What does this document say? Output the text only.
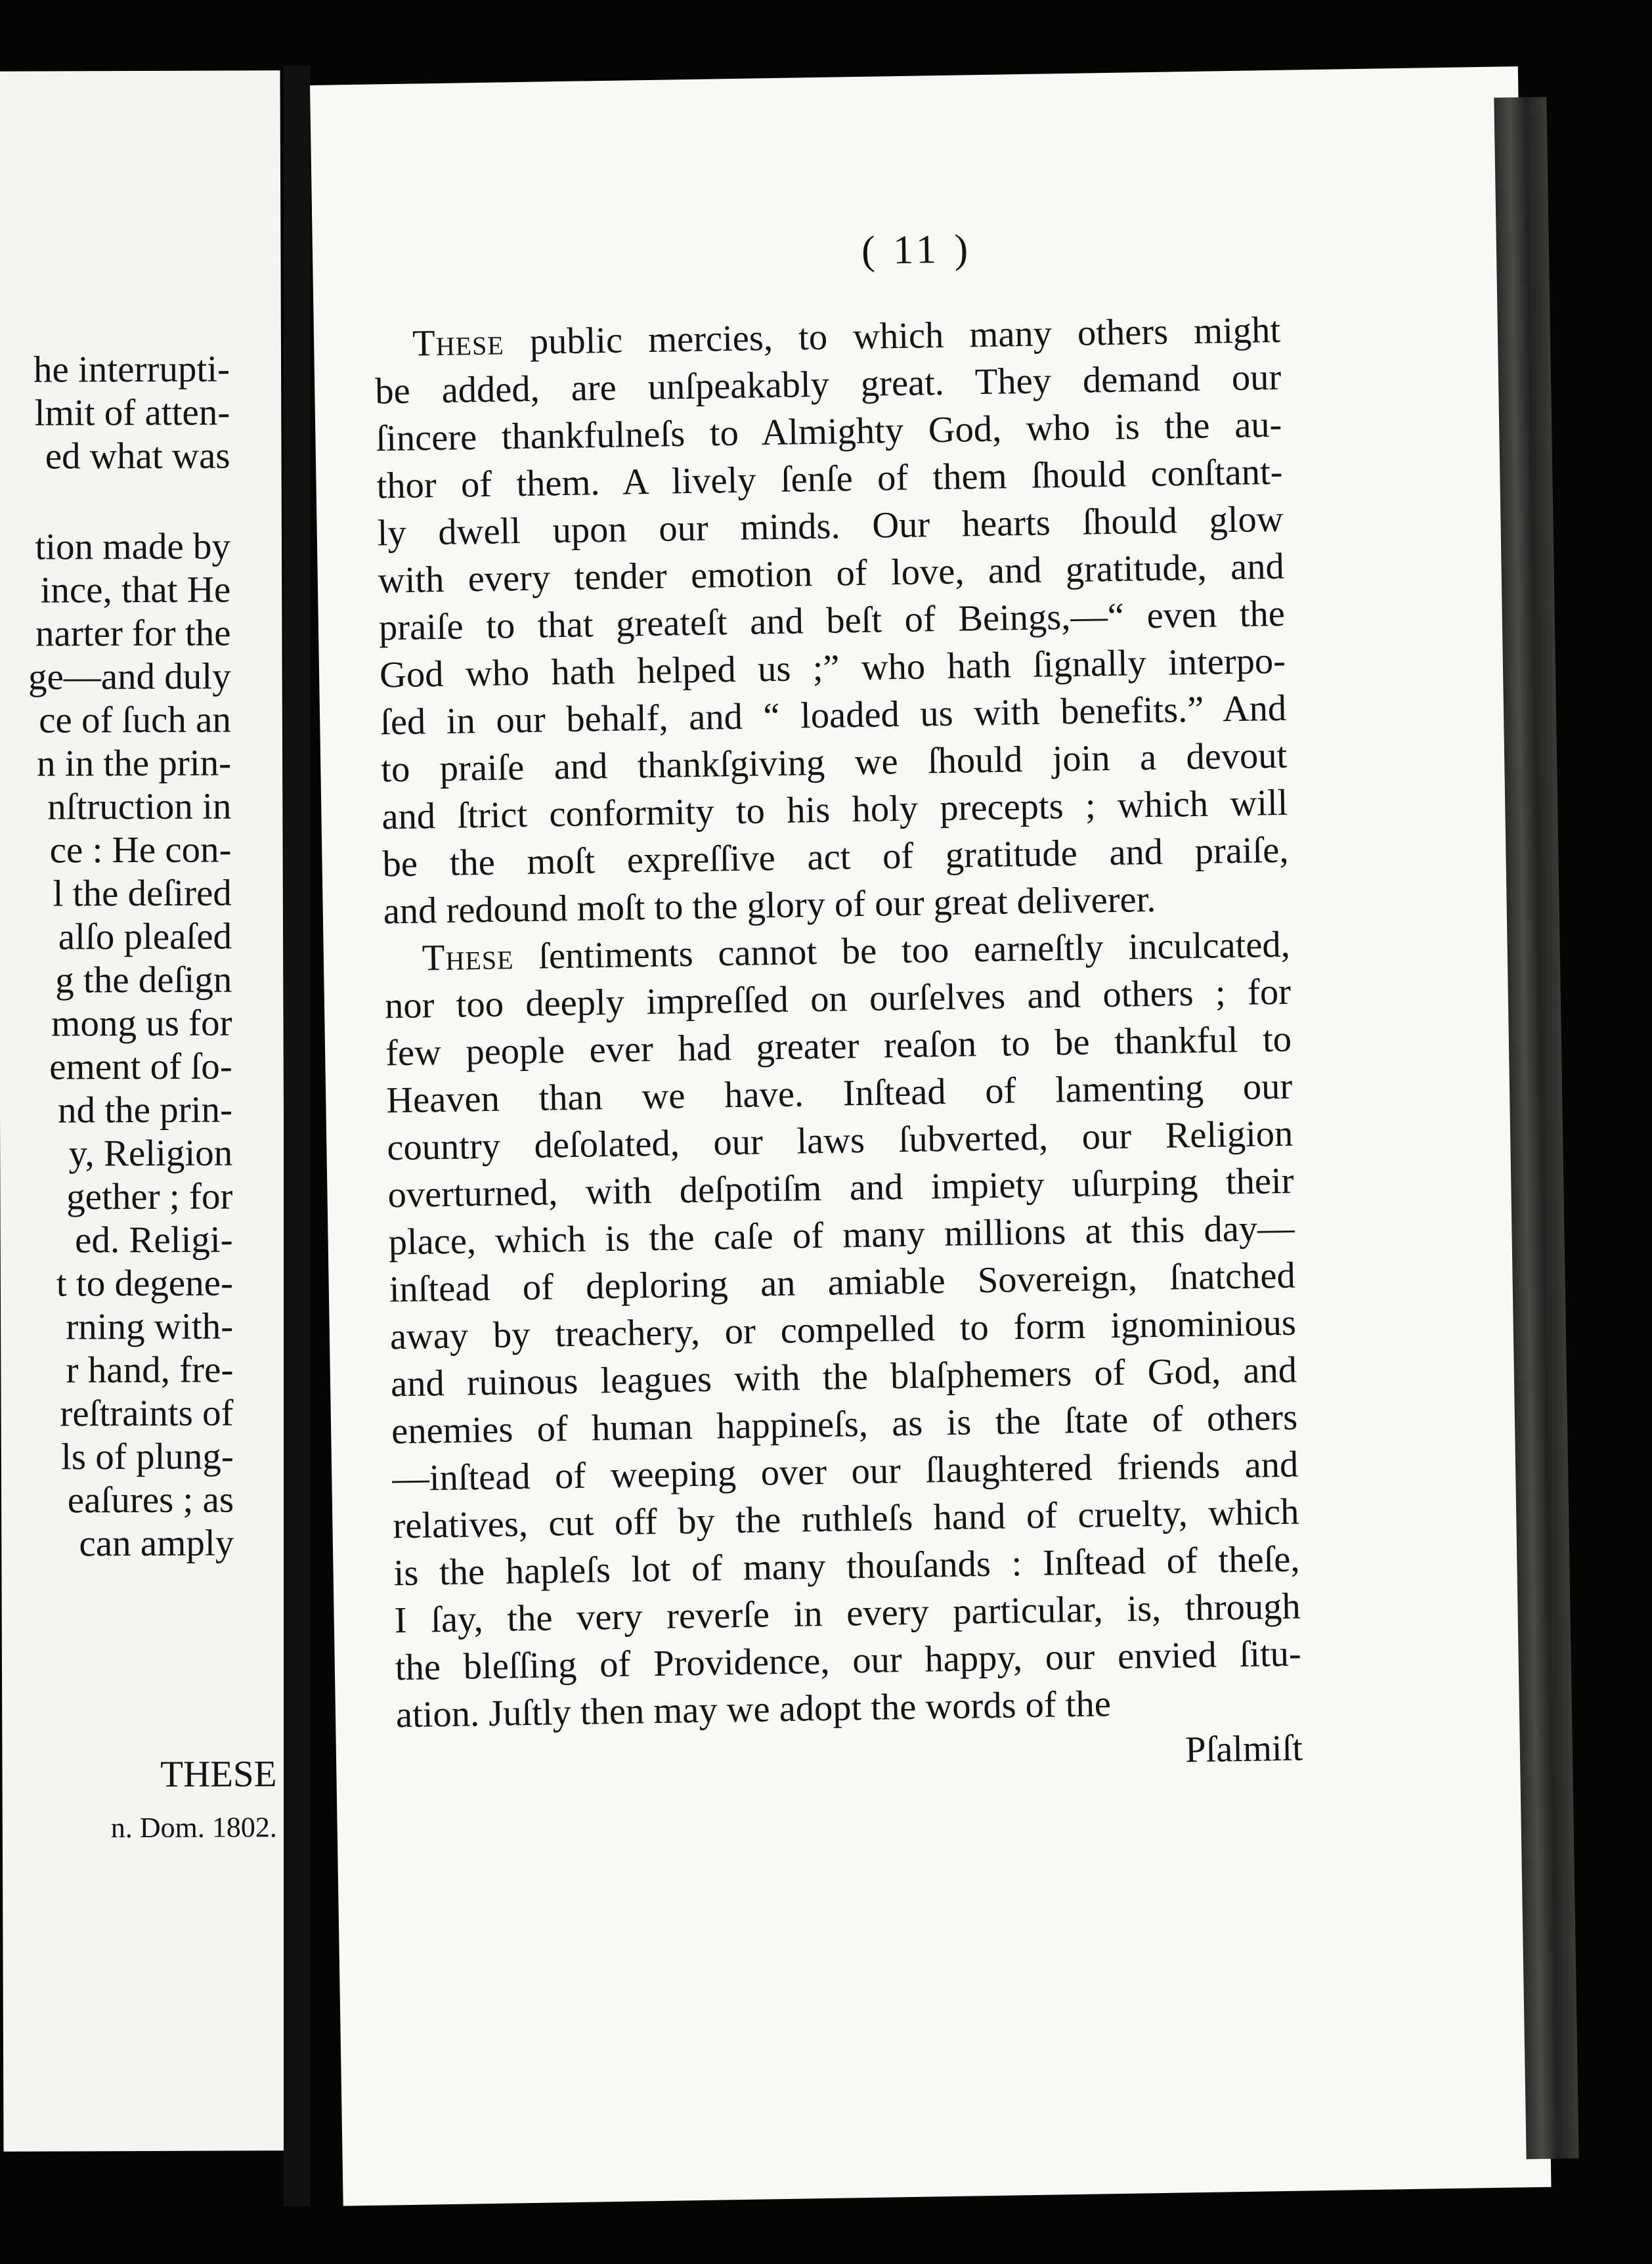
he interrupti-
lmit of atten-
ed what was
tion made by
ince, that He
narter for the
ge—and duly
ce of ſuch an
n in the prin-
nſtruction in
ce : He con-
l the deſired
alſo pleaſed
g the deſign
mong us for
ement of ſo-
nd the prin-
y, Religion
gether ; for
ed. Religi-
t to degene-
rning with-
r hand, fre-
reſtraints of
ls of plung-
eaſures ; as
can amply
THESE
n. Dom. 1802.
( 11 )
These public mercies, to which many others might
be added, are unſpeakably great. They demand our
ſincere thankfulneſs to Almighty God, who is the au-
thor of them. A lively ſenſe of them ſhould conſtant-
ly dwell upon our minds. Our hearts ſhould glow
with every tender emotion of love, and gratitude, and
praiſe to that greateſt and beſt of Beings,—“ even the
God who hath helped us ;” who hath ſignally interpo-
ſed in our behalf, and “ loaded us with benefits.” And
to praiſe and thankſgiving we ſhould join a devout
and ſtrict conformity to his holy precepts ; which will
be the moſt expreſſive act of gratitude and praiſe,
and redound moſt to the glory of our great deliverer.
These ſentiments cannot be too earneſtly inculcated,
nor too deeply impreſſed on ourſelves and others ; for
few people ever had greater reaſon to be thankful to
Heaven than we have. Inſtead of lamenting our
country deſolated, our laws ſubverted, our Religion
overturned, with deſpotiſm and impiety uſurping their
place, which is the caſe of many millions at this day—
inſtead of deploring an amiable Sovereign, ſnatched
away by treachery, or compelled to form ignominious
and ruinous leagues with the blaſphemers of God, and
enemies of human happineſs, as is the ſtate of others
—inſtead of weeping over our ſlaughtered friends and
relatives, cut off by the ruthleſs hand of cruelty, which
is the hapleſs lot of many thouſands : Inſtead of theſe,
I ſay, the very reverſe in every particular, is, through
the bleſſing of Providence, our happy, our envied ſitu-
ation. Juſtly then may we adopt the words of the
Pſalmiſt
